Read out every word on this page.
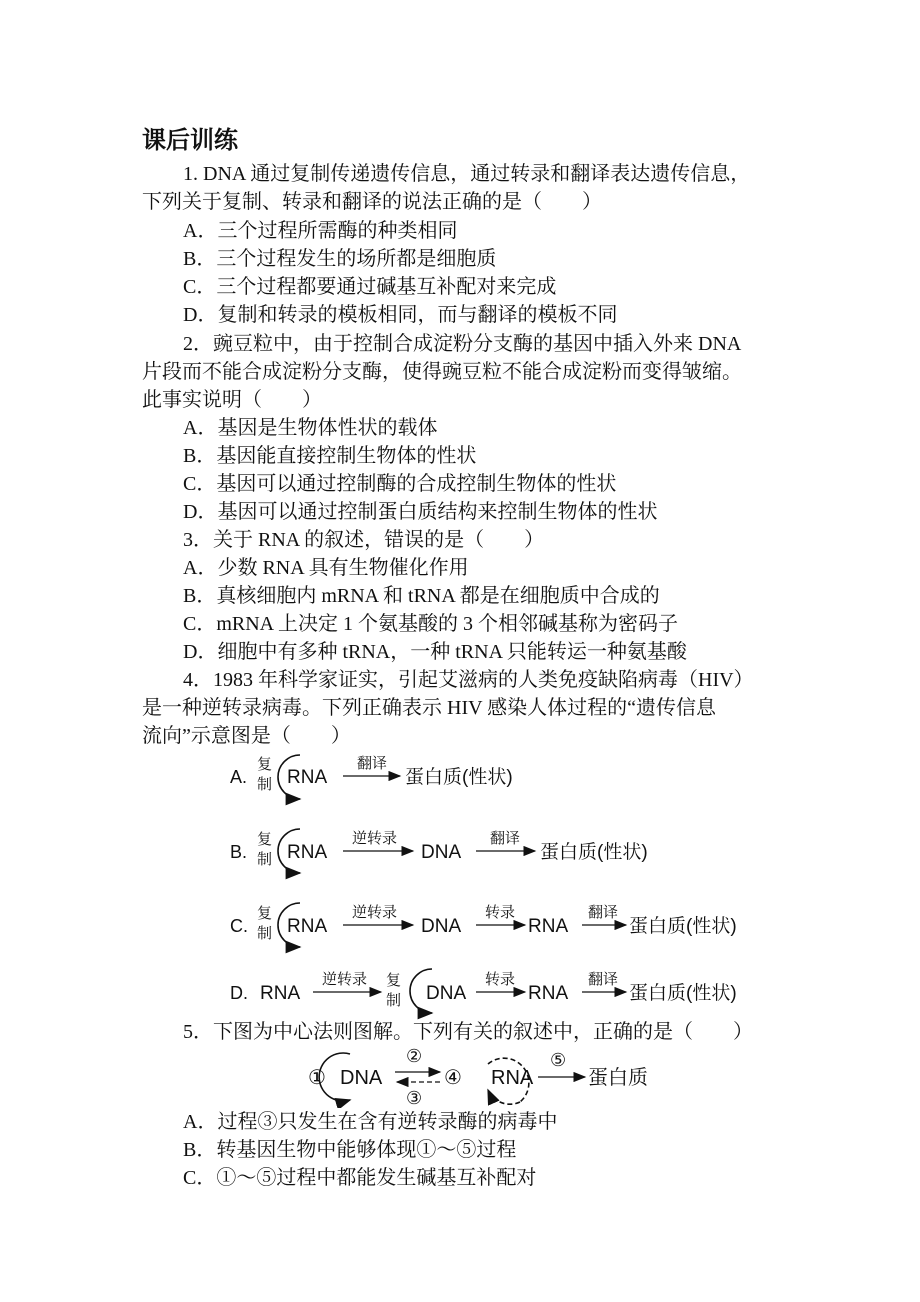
课后训练
1. DNA 通过复制传递遗传信息，通过转录和翻译表达遗传信息，
下列关于复制、转录和翻译的说法正确的是（　　）
A．三个过程所需酶的种类相同
B．三个过程发生的场所都是细胞质
C．三个过程都要通过碱基互补配对来完成
D．复制和转录的模板相同，而与翻译的模板不同
2．豌豆粒中，由于控制合成淀粉分支酶的基因中插入外来 DNA
片段而不能合成淀粉分支酶，使得豌豆粒不能合成淀粉而变得皱缩。
此事实说明（　　）
A．基因是生物体性状的载体
B．基因能直接控制生物体的性状
C．基因可以通过控制酶的合成控制生物体的性状
D．基因可以通过控制蛋白质结构来控制生物体的性状
3．关于 RNA 的叙述，错误的是（　　）
A．少数 RNA 具有生物催化作用
B．真核细胞内 mRNA 和 tRNA 都是在细胞质中合成的
C．mRNA 上决定 1 个氨基酸的 3 个相邻碱基称为密码子
D．细胞中有多种 tRNA，一种 tRNA 只能转运一种氨基酸
4．1983 年科学家证实，引起艾滋病的人类免疫缺陷病毒（HIV）
是一种逆转录病毒。下列正确表示 HIV 感染人体过程的“遗传信息
流向”示意图是（　　）
A.
复
制 RNA
翻译
蛋白质(性状)
B.
复
制 RNA
逆转录
DNA
翻译
蛋白质(性状)
C.
复
制 RNA
逆转录
DNA
转录
RNA
翻译
蛋白质(性状)
D. RNA
逆转录 复
制 DNA
转录
RNA
翻译
蛋白质(性状)
5．下图为中心法则图解。下列有关的叙述中，正确的是（　　）
① DNA
②
③
④ RNA
⑤
蛋白质
A．过程③只发生在含有逆转录酶的病毒中
B．转基因生物中能够体现①～⑤过程
C．①～⑤过程中都能发生碱基互补配对
